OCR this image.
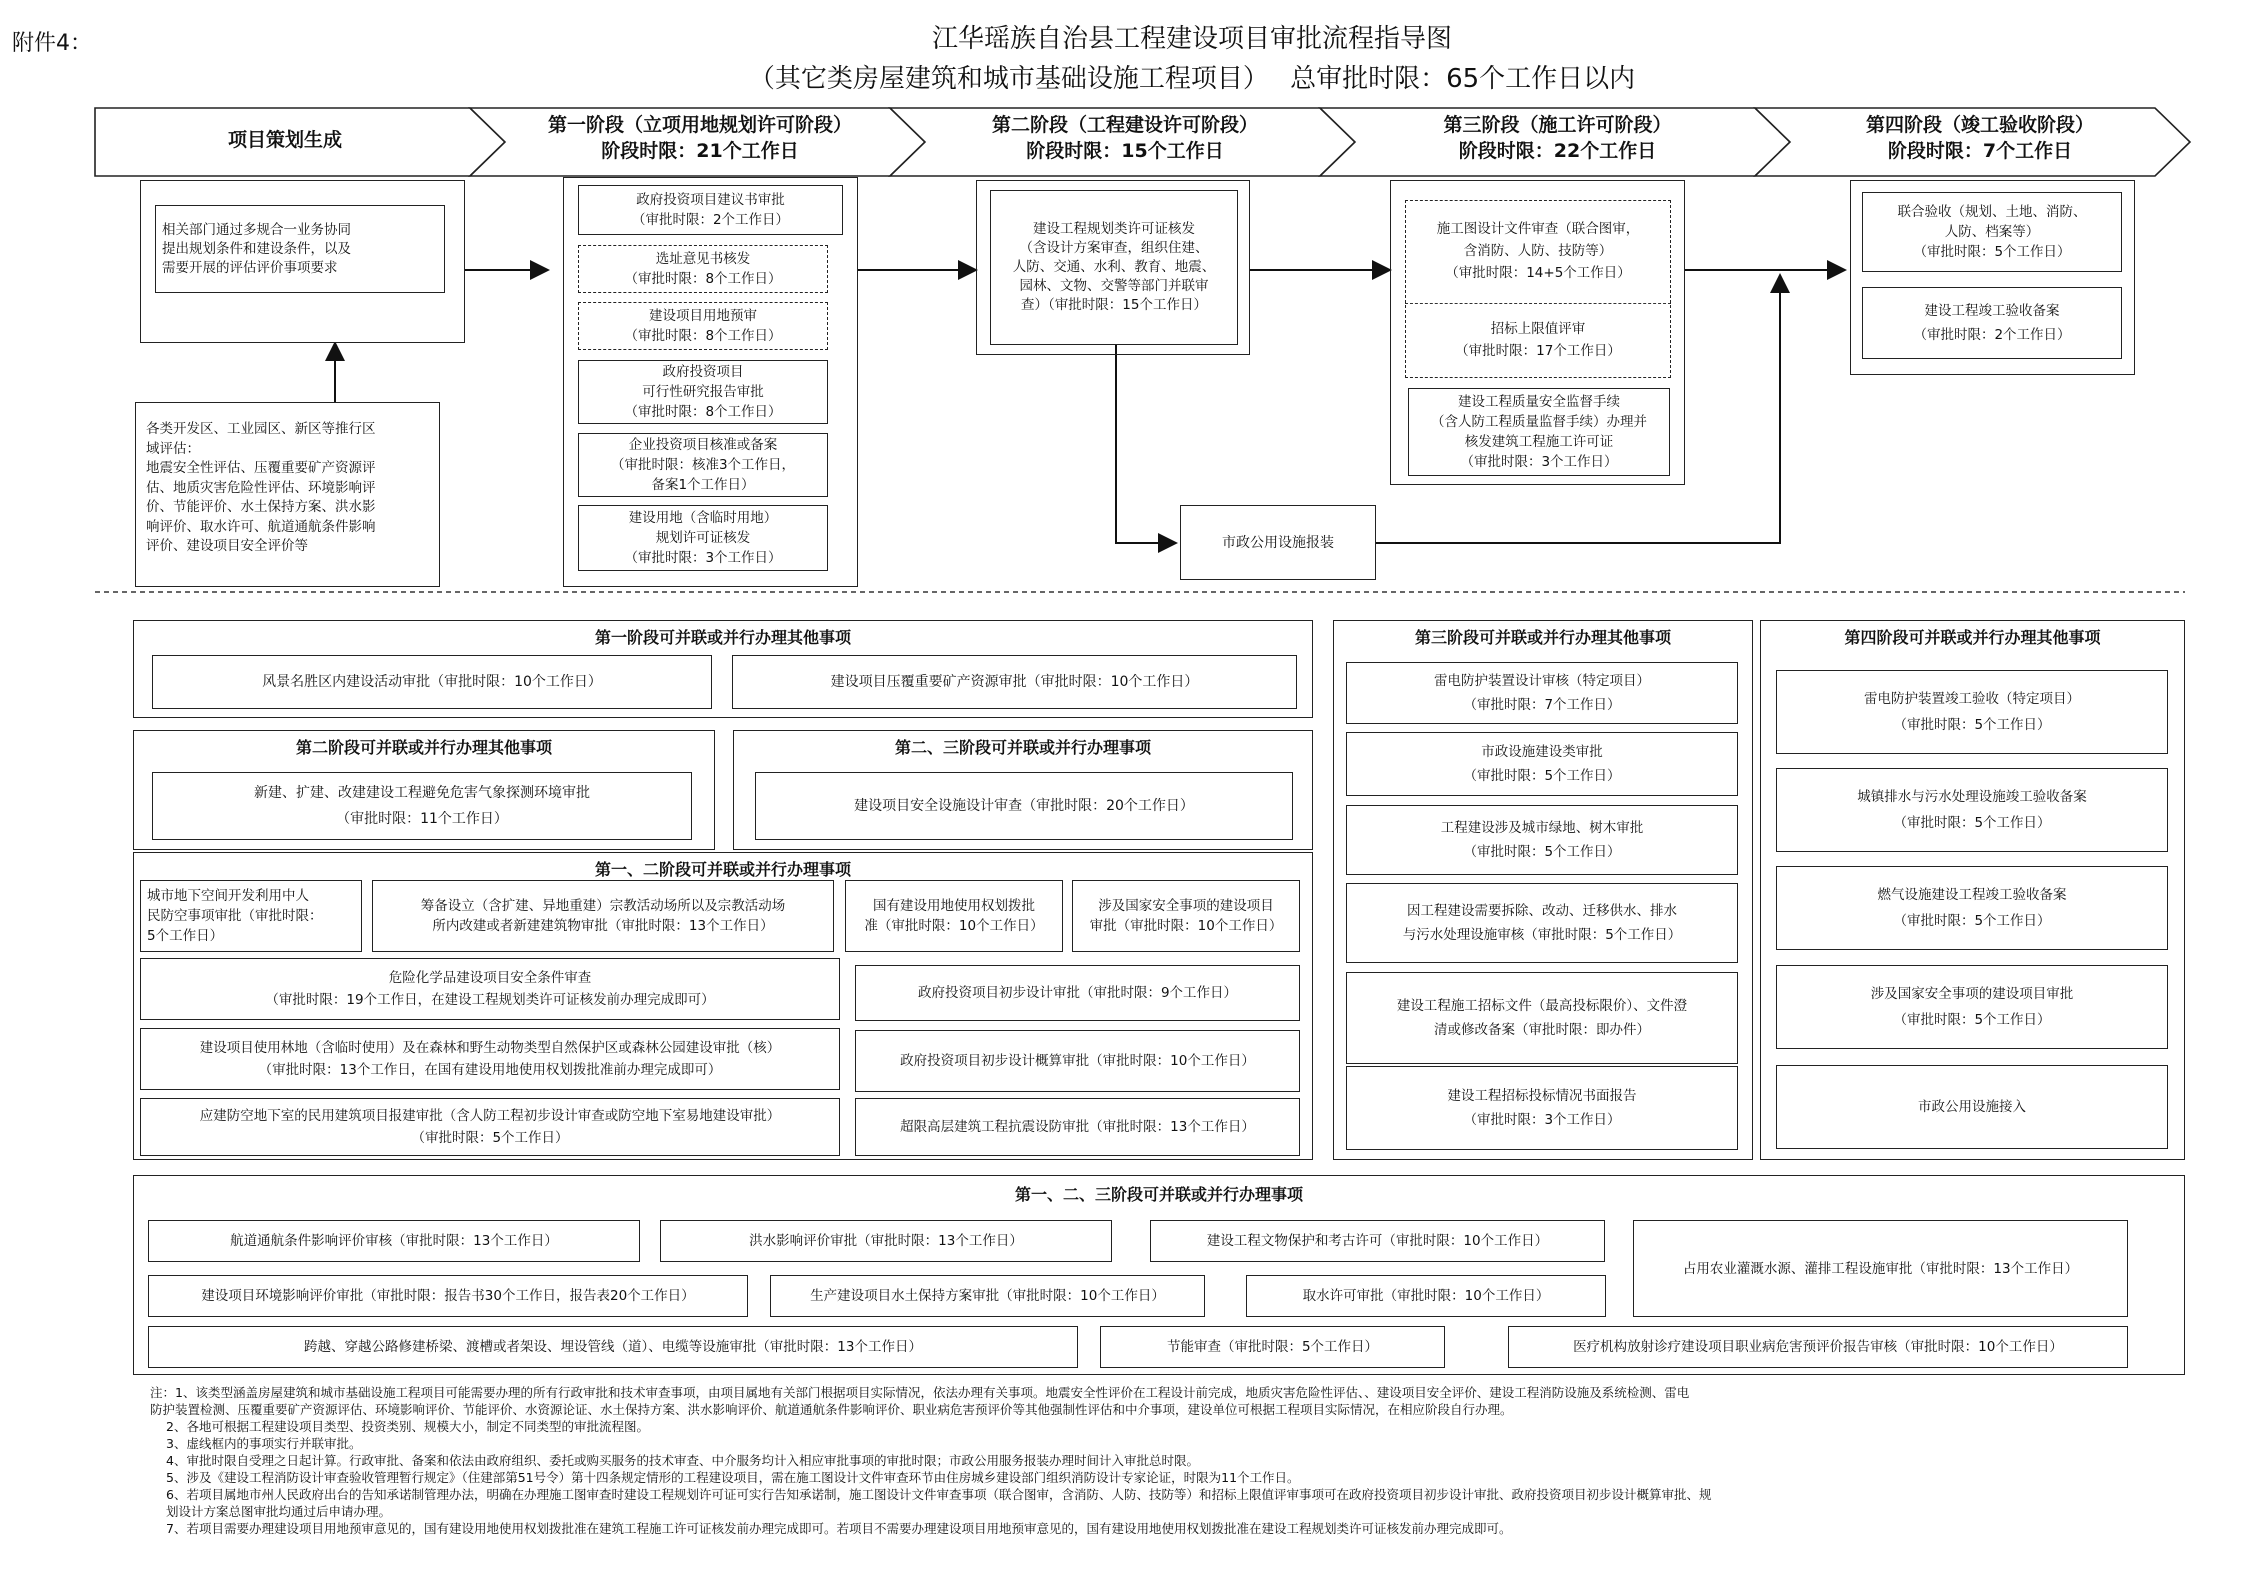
附件4：	江华瑶族自治县工程建设项目审批流程指导图
（其它类房屋建筑和城市基础设施工程项目）　 总审批时限：65个工作日以内
项目策划生成
第一阶段（立项用地规划许可阶段）
阶段时限：21个工作日
第二阶段（工程建设许可阶段）
阶段时限：15个工作日
第三阶段（施工许可阶段）
阶段时限：22个工作日
第四阶段（竣工验收阶段）
阶段时限：7个工作日
相关部门通过多规合一业务协同
提出规划条件和建设条件，以及
需要开展的评估评价事项要求
各类开发区、工业园区、新区等推行区
域评估：
地震安全性评估、压覆重要矿产资源评
估、地质灾害危险性评估、环境影响评
价、节能评价、水土保持方案、洪水影
响评价、取水许可、航道通航条件影响
评价、建设项目安全评价等
政府投资项目建议书审批
（审批时限：2个工作日）
选址意见书核发
（审批时限：8个工作日）
建设项目用地预审
（审批时限：8个工作日）
政府投资项目
可行性研究报告审批
（审批时限：8个工作日）
企业投资项目核准或备案
（审批时限：核准3个工作日，
备案1个工作日）
建设用地（含临时用地）
规划许可证核发
（审批时限：3个工作日）
建设工程规划类许可证核发
（含设计方案审查，组织住建、
人防、交通、水利、教育、地震、
园林、文物、交警等部门并联审
查）（审批时限：15个工作日）
施工图设计文件审查（联合图审，
含消防、人防、技防等）
（审批时限：14+5个工作日）
招标上限值评审
（审批时限：17个工作日）
建设工程质量安全监督手续
（含人防工程质量监督手续）办理并
核发建筑工程施工许可证
（审批时限：3个工作日）
市政公用设施报装
联合验收（规划、土地、消防、
人防、档案等）
（审批时限：5个工作日）
建设工程竣工验收备案
（审批时限：2个工作日）
第一阶段可并联或并行办理其他事项
风景名胜区内建设活动审批（审批时限：10个工作日）	建设项目压覆重要矿产资源审批（审批时限：10个工作日）
第二阶段可并联或并行办理其他事项
新建、扩建、改建建设工程避免危害气象探测环境审批
（审批时限：11个工作日）
第二、三阶段可并联或并行办理事项
建设项目安全设施设计审查（审批时限：20个工作日）
第一、二阶段可并联或并行办理事项
城市地下空间开发利用中人
民防空事项审批（审批时限：
5个工作日）
筹备设立（含扩建、异地重建）宗教活动场所以及宗教活动场
所内改建或者新建建筑物审批（审批时限：13个工作日）
国有建设用地使用权划拨批
准（审批时限：10个工作日）
涉及国家安全事项的建设项目
审批（审批时限：10个工作日）
危险化学品建设项目安全条件审查
（审批时限：19个工作日，在建设工程规划类许可证核发前办理完成即可）
建设项目使用林地（含临时使用）及在森林和野生动物类型自然保护区或森林公园建设审批（核）
（审批时限：13个工作日，在国有建设用地使用权划拨批准前办理完成即可）
应建防空地下室的民用建筑项目报建审批（含人防工程初步设计审查或防空地下室易地建设审批）
（审批时限：5个工作日）
政府投资项目初步设计审批（审批时限：9个工作日）
政府投资项目初步设计概算审批（审批时限：10个工作日）
超限高层建筑工程抗震设防审批（审批时限：13个工作日）
第三阶段可并联或并行办理其他事项
雷电防护装置设计审核（特定项目）
（审批时限：7个工作日）
市政设施建设类审批
（审批时限：5个工作日）
工程建设涉及城市绿地、树木审批
（审批时限：5个工作日）
因工程建设需要拆除、改动、迁移供水、排水
与污水处理设施审核（审批时限：5个工作日）
建设工程施工招标文件（最高投标限价）、文件澄
清或修改备案（审批时限：即办件）
建设工程招标投标情况书面报告
（审批时限：3个工作日）
第四阶段可并联或并行办理其他事项
雷电防护装置竣工验收（特定项目）
（审批时限：5个工作日）
城镇排水与污水处理设施竣工验收备案
（审批时限：5个工作日）
燃气设施建设工程竣工验收备案
（审批时限：5个工作日）
涉及国家安全事项的建设项目审批
（审批时限：5个工作日）
市政公用设施接入
第一、二、三阶段可并联或并行办理事项
航道通航条件影响评价审核（审批时限：13个工作日）	洪水影响评价审批（审批时限：13个工作日）	建设工程文物保护和考古许可（审批时限：10个工作日）
建设项目环境影响评价审批（审批时限：报告书30个工作日，报告表20个工作日）	生产建设项目水土保持方案审批（审批时限：10个工作日）	取水许可审批（审批时限：10个工作日）
跨越、穿越公路修建桥梁、渡槽或者架设、埋设管线（道）、电缆等设施审批（审批时限：13个工作日）	节能审查（审批时限：5个工作日）	医疗机构放射诊疗建设项目职业病危害预评价报告审核（审批时限：10个工作日）
占用农业灌溉水源、灌排工程设施审批（审批时限：13个工作日）
注：1、该类型涵盖房屋建筑和城市基础设施工程项目可能需要办理的所有行政审批和技术审查事项，由项目属地有关部门根据项目实际情况，依法办理有关事项。地震安全性评价在工程设计前完成，地质灾害危险性评估、、建设项目安全评价、建设工程消防设施及系统检测、雷电
防护装置检测、压覆重要矿产资源评估、环境影响评价、节能评价、水资源论证、水土保持方案、洪水影响评价、航道通航条件影响评价、职业病危害预评价等其他强制性评估和中介事项，建设单位可根据工程项目实际情况，在相应阶段自行办理。
2、各地可根据工程建设项目类型、投资类别、规模大小，制定不同类型的审批流程图。
3、虚线框内的事项实行并联审批。
4、审批时限自受理之日起计算。行政审批、备案和依法由政府组织、委托或购买服务的技术审查、中介服务均计入相应审批事项的审批时限；市政公用服务报装办理时间计入审批总时限。
5、涉及《建设工程消防设计审查验收管理暂行规定》（住建部第51号令）第十四条规定情形的工程建设项目，需在施工图设计文件审查环节由住房城乡建设部门组织消防设计专家论证，时限为11个工作日。
6、若项目属地市州人民政府出台的告知承诺制管理办法，明确在办理施工图审查时建设工程规划许可证可实行告知承诺制，施工图设计文件审查事项（联合图审，含消防、人防、技防等）和招标上限值评审事项可在政府投资项目初步设计审批、政府投资项目初步设计概算审批、规
划设计方案总图审批均通过后申请办理。
7、若项目需要办理建设项目用地预审意见的，国有建设用地使用权划拨批准在建筑工程施工许可证核发前办理完成即可。若项目不需要办理建设项目用地预审意见的，国有建设用地使用权划拨批准在建设工程规划类许可证核发前办理完成即可。
